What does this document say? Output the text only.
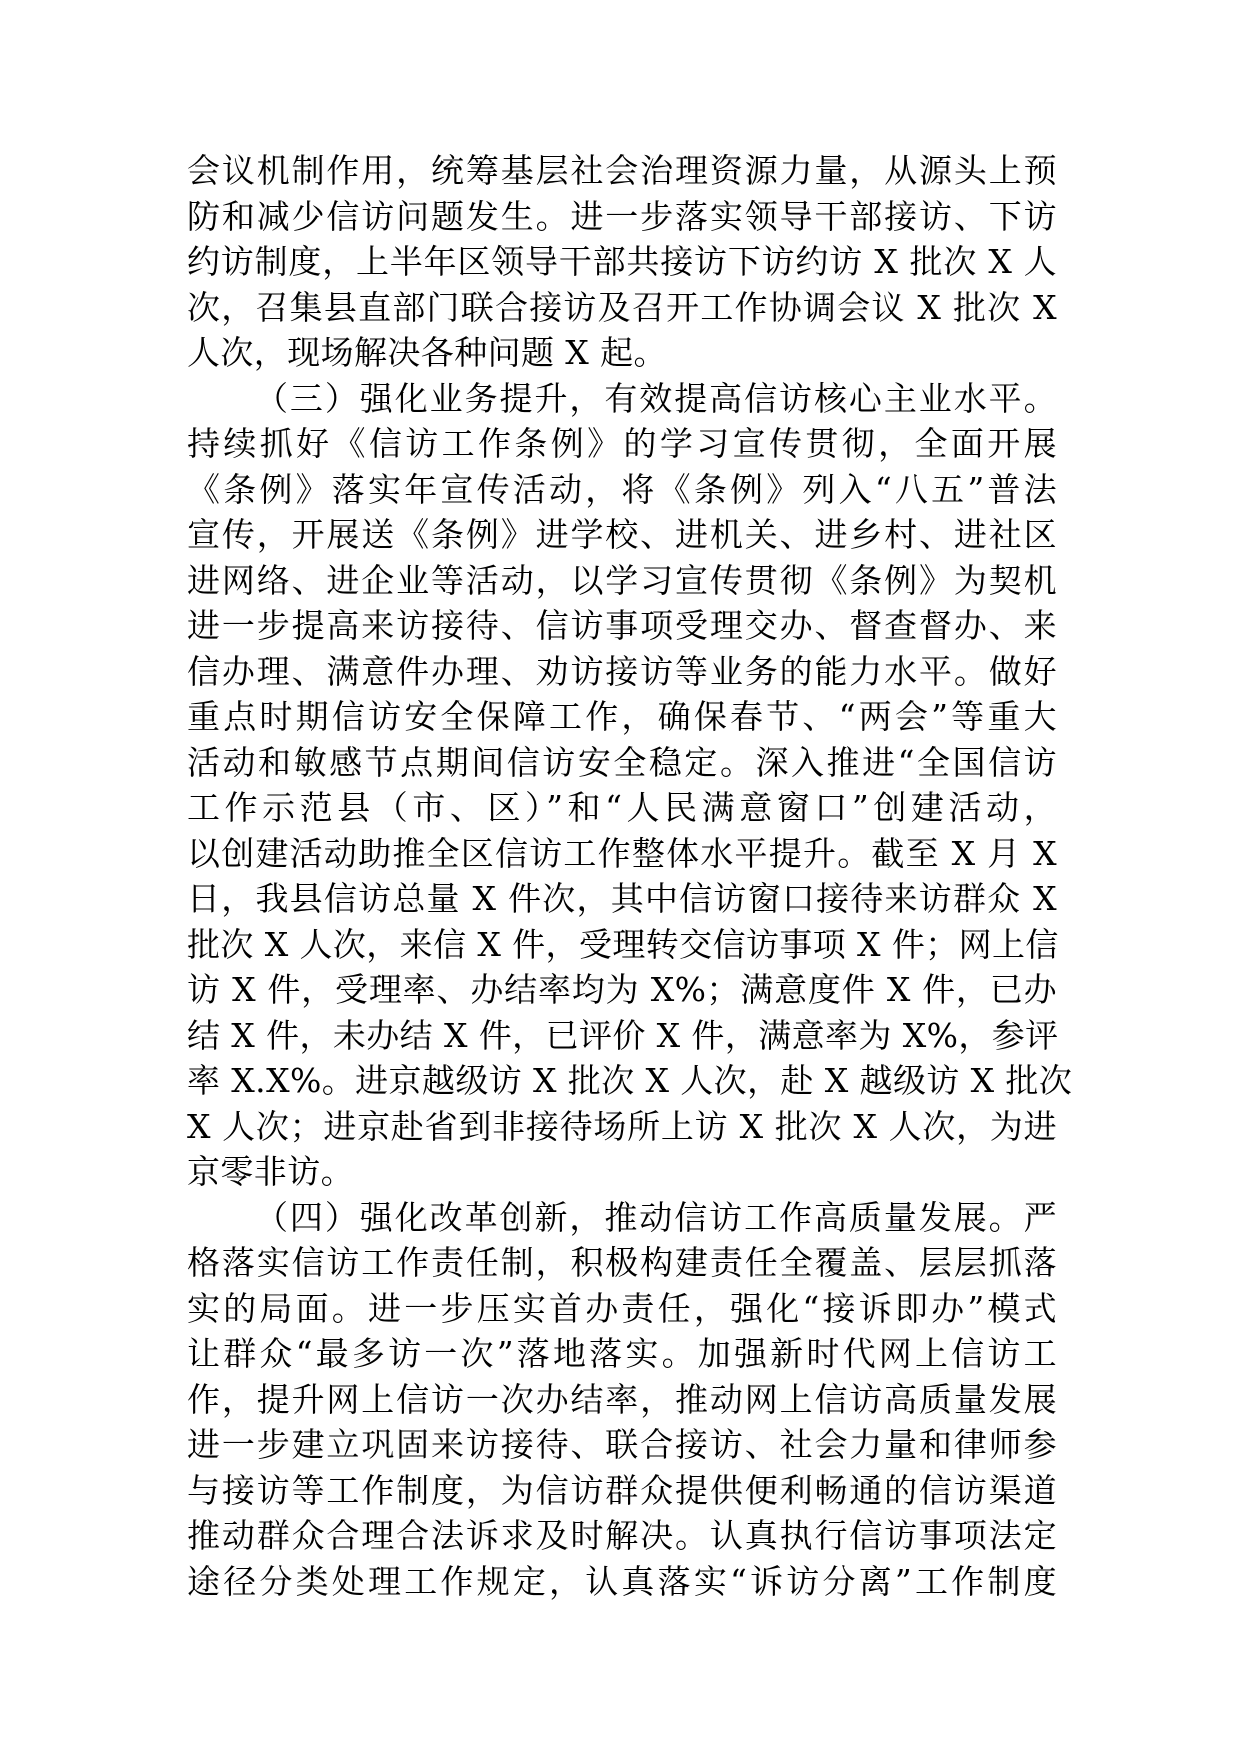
会议机制作用，统筹基层社会治理资源力量，从源头上预
防和减少信访问题发生。进一步落实领导干部接访、下访
约访制度，上半年区领导干部共接访下访约访 X 批次 X 人
次，召集县直部门联合接访及召开工作协调会议 X 批次 X
人次，现场解决各种问题 X 起。
（三）强化业务提升，有效提高信访核心主业水平。
持续抓好《信访工作条例》的学习宣传贯彻，全面开展
《条例》落实年宣传活动，将《条例》列入“八五”普法
宣传，开展送《条例》进学校、进机关、进乡村、进社区
进网络、进企业等活动，以学习宣传贯彻《条例》为契机
进一步提高来访接待、信访事项受理交办、督查督办、来
信办理、满意件办理、劝访接访等业务的能力水平。做好
重点时期信访安全保障工作，确保春节、“两会”等重大
活动和敏感节点期间信访安全稳定。深入推进“全国信访
工作示范县（市、区）”和“人民满意窗口”创建活动，
以创建活动助推全区信访工作整体水平提升。截至 X 月 X
日，我县信访总量 X 件次，其中信访窗口接待来访群众 X
批次 X 人次，来信 X 件，受理转交信访事项 X 件；网上信
访 X 件，受理率、办结率均为 X%；满意度件 X 件，已办
结 X 件，未办结 X 件，已评价 X 件，满意率为 X%，参评
率 X.X%。进京越级访 X 批次 X 人次，赴 X 越级访 X 批次
X 人次；进京赴省到非接待场所上访 X 批次 X 人次，为进
京零非访。
（四）强化改革创新，推动信访工作高质量发展。严
格落实信访工作责任制，积极构建责任全覆盖、层层抓落
实的局面。进一步压实首办责任，强化“接诉即办”模式
让群众“最多访一次”落地落实。加强新时代网上信访工
作，提升网上信访一次办结率，推动网上信访高质量发展
进一步建立巩固来访接待、联合接访、社会力量和律师参
与接访等工作制度，为信访群众提供便利畅通的信访渠道
推动群众合理合法诉求及时解决。认真执行信访事项法定
途径分类处理工作规定，认真落实“诉访分离”工作制度
